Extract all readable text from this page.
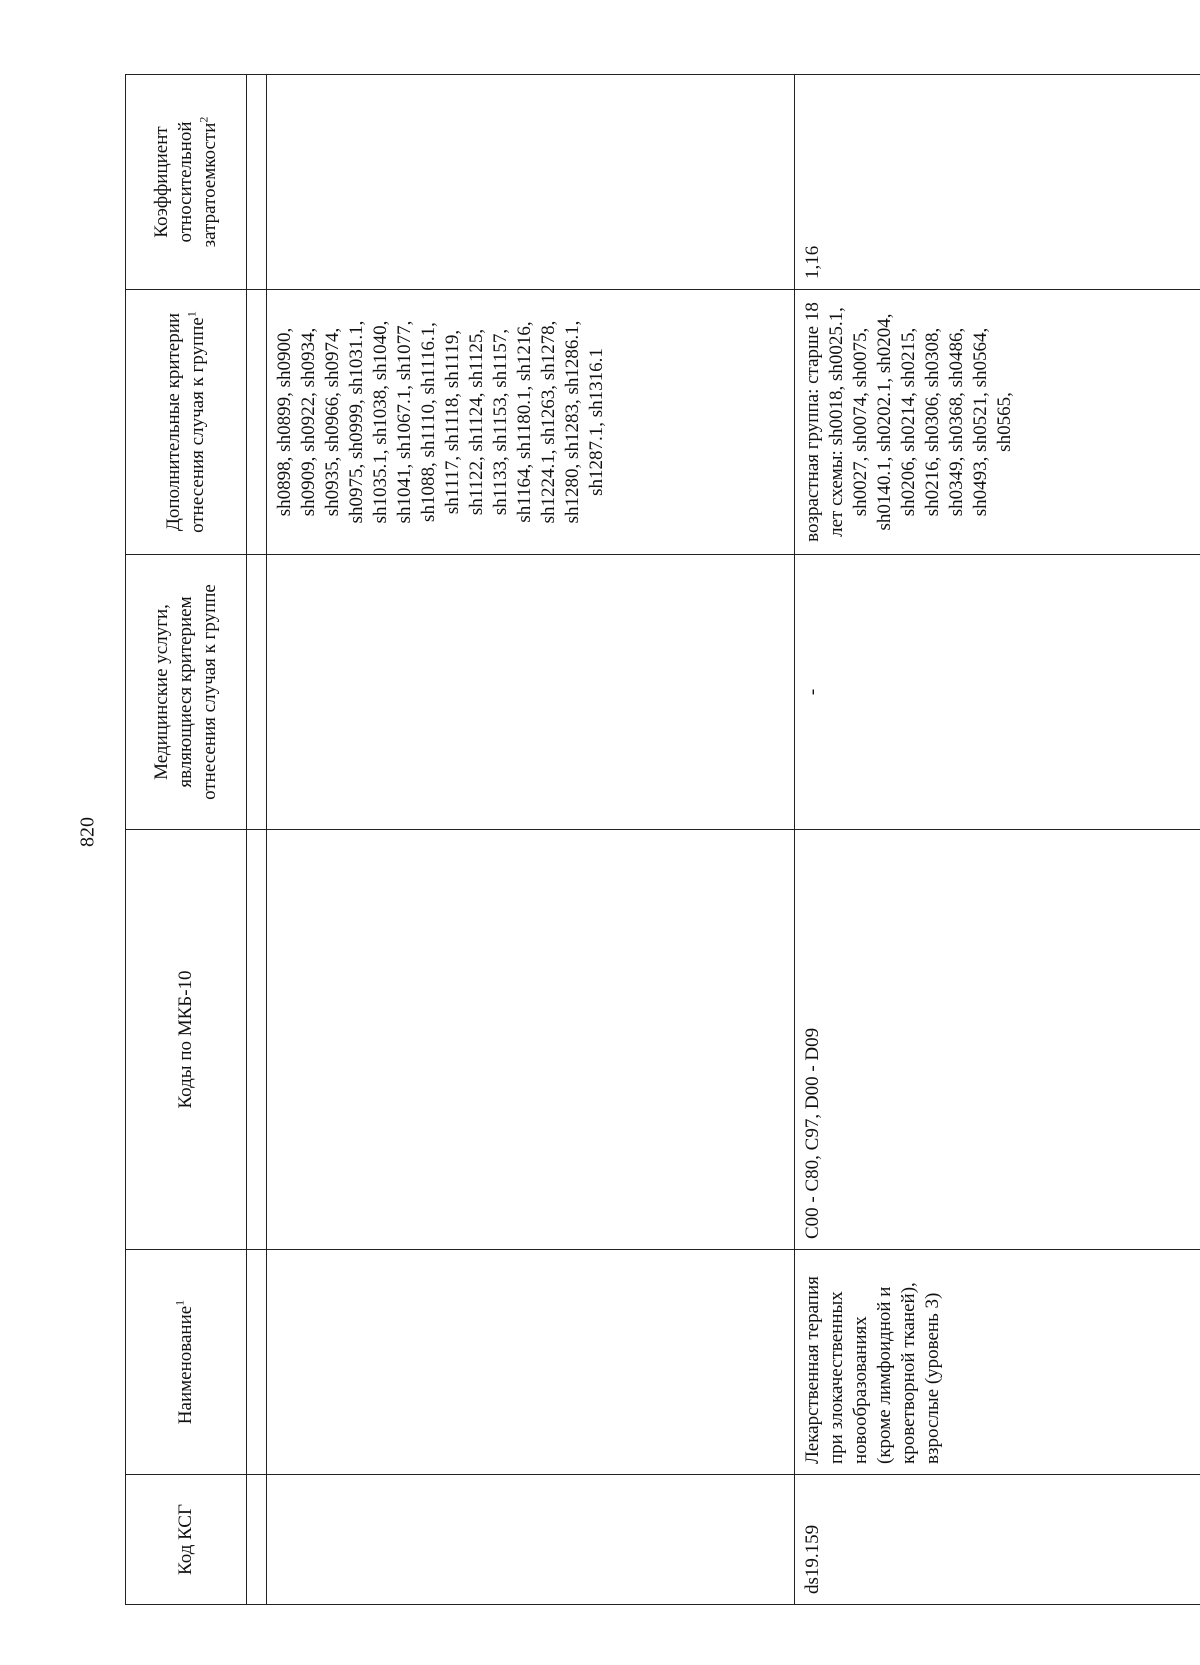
820
Код КСГ	Наименование$^1$	Коды по МКБ-10	Медицинские услуги, являющиеся критерием отнесения случая к группе	Дополнительные критерии отнесения случая к группе$^1$	Коэффициент относительной затратоемкости$^2$

				sh0898, sh0899, sh0900, sh0909, sh0922, sh0934, sh0935, sh0966, sh0974, sh0975, sh0999, sh1031.1, sh1035.1, sh1038, sh1040, sh1041, sh1067.1, sh1077, sh1088, sh1110, sh1116.1, sh1117, sh1118, sh1119, sh1122, sh1124, sh1125, sh1133, sh1153, sh1157, sh1164, sh1180.1, sh1216, sh1224.1, sh1263, sh1278, sh1280, sh1283, sh1286.1, sh1287.1, sh1316.1	
ds19.159	Лекарственная терапия при злокачественных новообразованиях (кроме лимфоидной и кроветворной тканей), взрослые (уровень 3)	C00 - C80, C97, D00 - D09	-	возрастная группа: старше 18 лет схемы: sh0018, sh0025.1, sh0027, sh0074, sh0075, sh0140.1, sh0202.1, sh0204, sh0206, sh0214, sh0215, sh0216, sh0306, sh0308, sh0349, sh0368, sh0486, sh0493, sh0521, sh0564, sh0565,	1,16
